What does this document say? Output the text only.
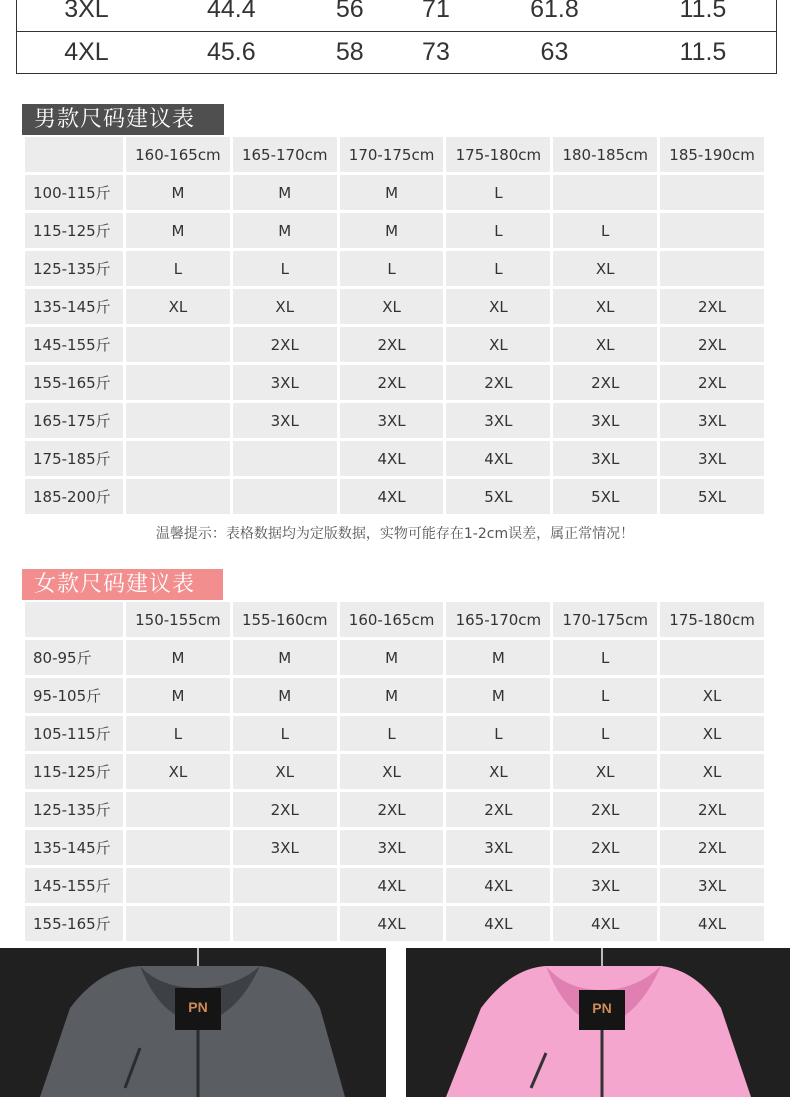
3XL	44.4	56	71	61.8	11.5
4XL	45.6	58	73	63	11.5
男款尺码建议表
	160-165cm	165-170cm	170-175cm	175-180cm	180-185cm	185-190cm
100-115斤	M	M	M	L		
115-125斤	M	M	M	L	L	
125-135斤	L	L	L	L	XL	
135-145斤	XL	XL	XL	XL	XL	2XL
145-155斤		2XL	2XL	XL	XL	2XL
155-165斤		3XL	2XL	2XL	2XL	2XL
165-175斤		3XL	3XL	3XL	3XL	3XL
175-185斤			4XL	4XL	3XL	3XL
185-200斤			4XL	5XL	5XL	5XL
温馨提示：表格数据均为定版数据，实物可能存在1-2cm误差，属正常情况！
女款尺码建议表
	150-155cm	155-160cm	160-165cm	165-170cm	170-175cm	175-180cm
80-95斤	M	M	M	M	L	
95-105斤	M	M	M	M	L	XL
105-115斤	L	L	L	L	L	XL
115-125斤	XL	XL	XL	XL	XL	XL
125-135斤		2XL	2XL	2XL	2XL	2XL
135-145斤		3XL	3XL	3XL	2XL	2XL
145-155斤			4XL	4XL	3XL	3XL
155-165斤			4XL	4XL	4XL	4XL
PN	PN
